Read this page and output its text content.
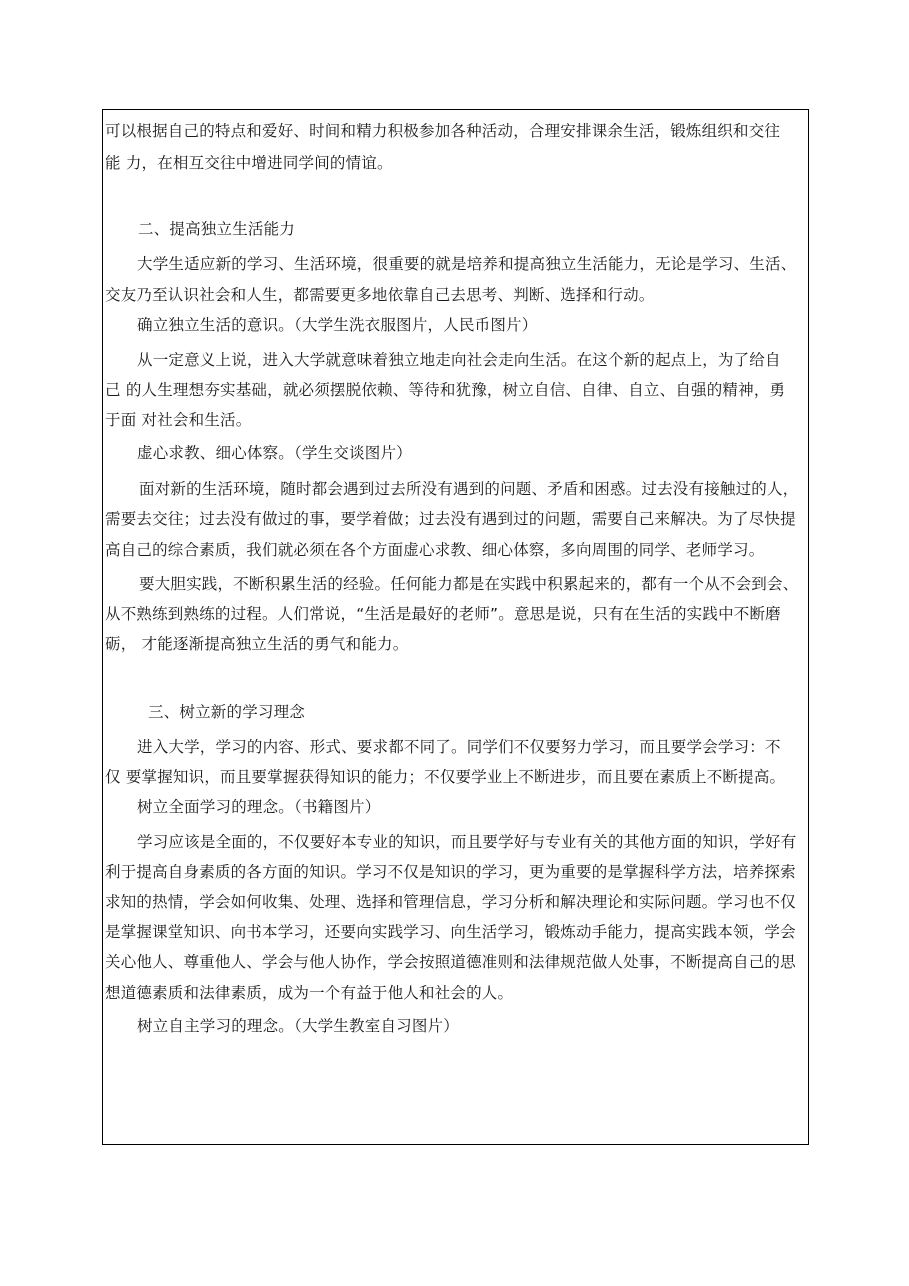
可以根据自己的特点和爱好、时间和精力积极参加各种活动，合理安排课余生活，锻炼组织和交往
能 力，在相互交往中增进同学间的情谊。
二、提高独立生活能力
大学生适应新的学习、生活环境，很重要的就是培养和提高独立生活能力，无论是学习、生活、
交友乃至认识社会和人生，都需要更多地依靠自己去思考、判断、选择和行动。
确立独立生活的意识。（大学生洗衣服图片，人民币图片）
从一定意义上说，进入大学就意味着独立地走向社会走向生活。在这个新的起点上，为了给自
己 的人生理想夯实基础，就必须摆脱依赖、等待和犹豫，树立自信、自律、自立、自强的精神，勇
于面 对社会和生活。
虚心求教、细心体察。（学生交谈图片）
面对新的生活环境，随时都会遇到过去所没有遇到的问题、矛盾和困惑。过去没有接触过的人，
需要去交往；过去没有做过的事，要学着做；过去没有遇到过的问题，需要自己来解决。为了尽快提
高自己的综合素质，我们就必须在各个方面虚心求教、细心体察，多向周围的同学、老师学习。
要大胆实践，不断积累生活的经验。任何能力都是在实践中积累起来的，都有一个从不会到会、
从不熟练到熟练的过程。人们常说，“生活是最好的老师”。意思是说，只有在生活的实践中不断磨
砺， 才能逐渐提高独立生活的勇气和能力。
三、树立新的学习理念
进入大学，学习的内容、形式、要求都不同了。同学们不仅要努力学习，而且要学会学习：不
仅 要掌握知识，而且要掌握获得知识的能力；不仅要学业上不断进步，而且要在素质上不断提高。
树立全面学习的理念。（书籍图片）
学习应该是全面的，不仅要好本专业的知识，而且要学好与专业有关的其他方面的知识，学好有
利于提高自身素质的各方面的知识。学习不仅是知识的学习，更为重要的是掌握科学方法，培养探索
求知的热情，学会如何收集、处理、选择和管理信息，学习分析和解决理论和实际问题。学习也不仅
是掌握课堂知识、向书本学习，还要向实践学习、向生活学习，锻炼动手能力，提高实践本领，学会
关心他人、尊重他人、学会与他人协作，学会按照道德准则和法律规范做人处事，不断提高自己的思
想道德素质和法律素质，成为一个有益于他人和社会的人。
树立自主学习的理念。（大学生教室自习图片）
